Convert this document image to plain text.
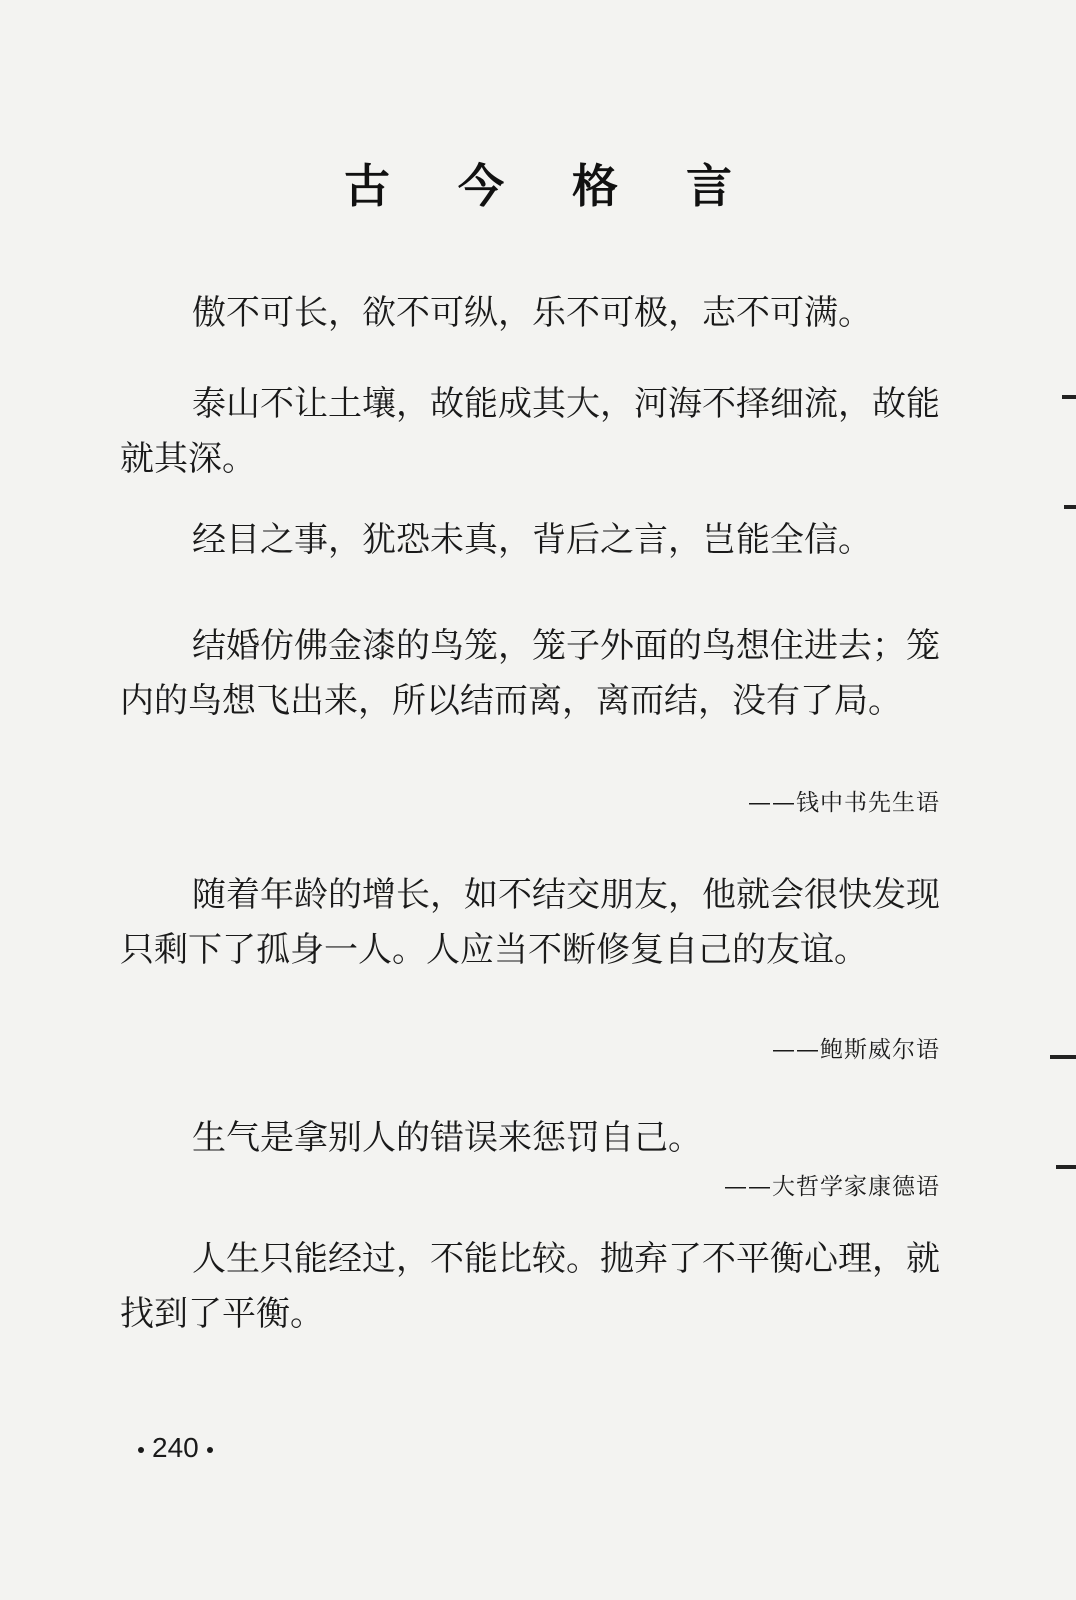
古 今 格 言

傲不可长，欲不可纵，乐不可极，志不可满。

泰山不让土壤，故能成其大，河海不择细流，故能就其深。

经目之事，犹恐未真，背后之言，岂能全信。

结婚仿佛金漆的鸟笼，笼子外面的鸟想住进去；笼内的鸟想飞出来，所以结而离，离而结，没有了局。

——钱中书先生语

随着年龄的增长，如不结交朋友，他就会很快发现只剩下了孤身一人。人应当不断修复自己的友谊。

——鲍斯威尔语

生气是拿别人的错误来惩罚自己。

——大哲学家康德语

人生只能经过，不能比较。抛弃了不平衡心理，就找到了平衡。

240
